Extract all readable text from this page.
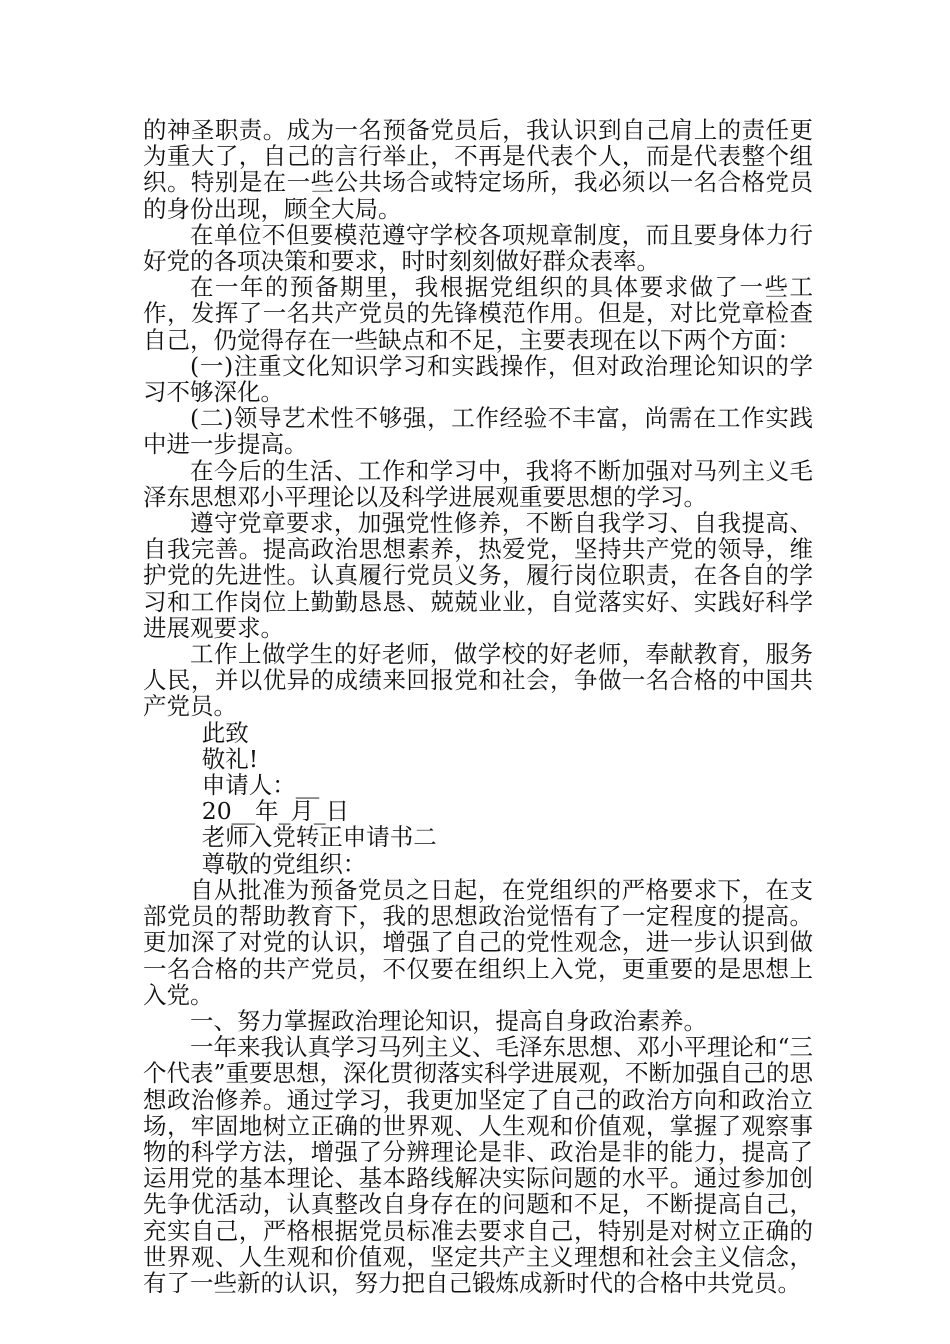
的神圣职责。成为一名预备党员后，我认识到自己肩上的责任更为重大了，自己的言行举止，不再是代表个人，而是代表整个组织。特别是在一些公共场合或特定场所，我必须以一名合格党员的身份出现，顾全大局。

在单位不但要模范遵守学校各项规章制度，而且要身体力行好党的各项决策和要求，时时刻刻做好群众表率。

在一年的预备期里，我根据党组织的具体要求做了一些工作，发挥了一名共产党员的先锋模范作用。但是，对比党章检查自己，仍觉得存在一些缺点和不足，主要表现在以下两个方面：

(一)注重文化知识学习和实践操作，但对政治理论知识的学习不够深化。

(二)领导艺术性不够强，工作经验不丰富，尚需在工作实践中进一步提高。

在今后的生活、工作和学习中，我将不断加强对马列主义毛泽东思想邓小平理论以及科学进展观重要思想的学习。

遵守党章要求，加强党性修养，不断自我学习、自我提高、自我完善。提高政治思想素养，热爱党，坚持共产党的领导，维护党的先进性。认真履行党员义务，履行岗位职责，在各自的学习和工作岗位上勤勤恳恳、兢兢业业，自觉落实好、实践好科学进展观要求。

工作上做学生的好老师，做学校的好老师，奉献教育，服务人民，并以优异的成绩来回报党和社会，争做一名合格的中国共产党员。

此致

敬礼!

申请人：__

20__年_月_日

老师入党转正申请书二

尊敬的党组织：

自从批准为预备党员之日起，在党组织的严格要求下，在支部党员的帮助教育下，我的思想政治觉悟有了一定程度的提高。更加深了对党的认识，增强了自己的党性观念，进一步认识到做一名合格的共产党员，不仅要在组织上入党，更重要的是思想上入党。

一、努力掌握政治理论知识，提高自身政治素养。

一年来我认真学习马列主义、毛泽东思想、邓小平理论和“三个代表”重要思想，深化贯彻落实科学进展观，不断加强自己的思想政治修养。通过学习，我更加坚定了自己的政治方向和政治立场，牢固地树立正确的世界观、人生观和价值观，掌握了观察事物的科学方法，增强了分辨理论是非、政治是非的能力，提高了运用党的基本理论、基本路线解决实际问题的水平。通过参加创先争优活动，认真整改自身存在的问题和不足，不断提高自己，充实自己，严格根据党员标准去要求自己，特别是对树立正确的世界观、人生观和价值观，坚定共产主义理想和社会主义信念，有了一些新的认识，努力把自己锻炼成新时代的合格中共党员。
